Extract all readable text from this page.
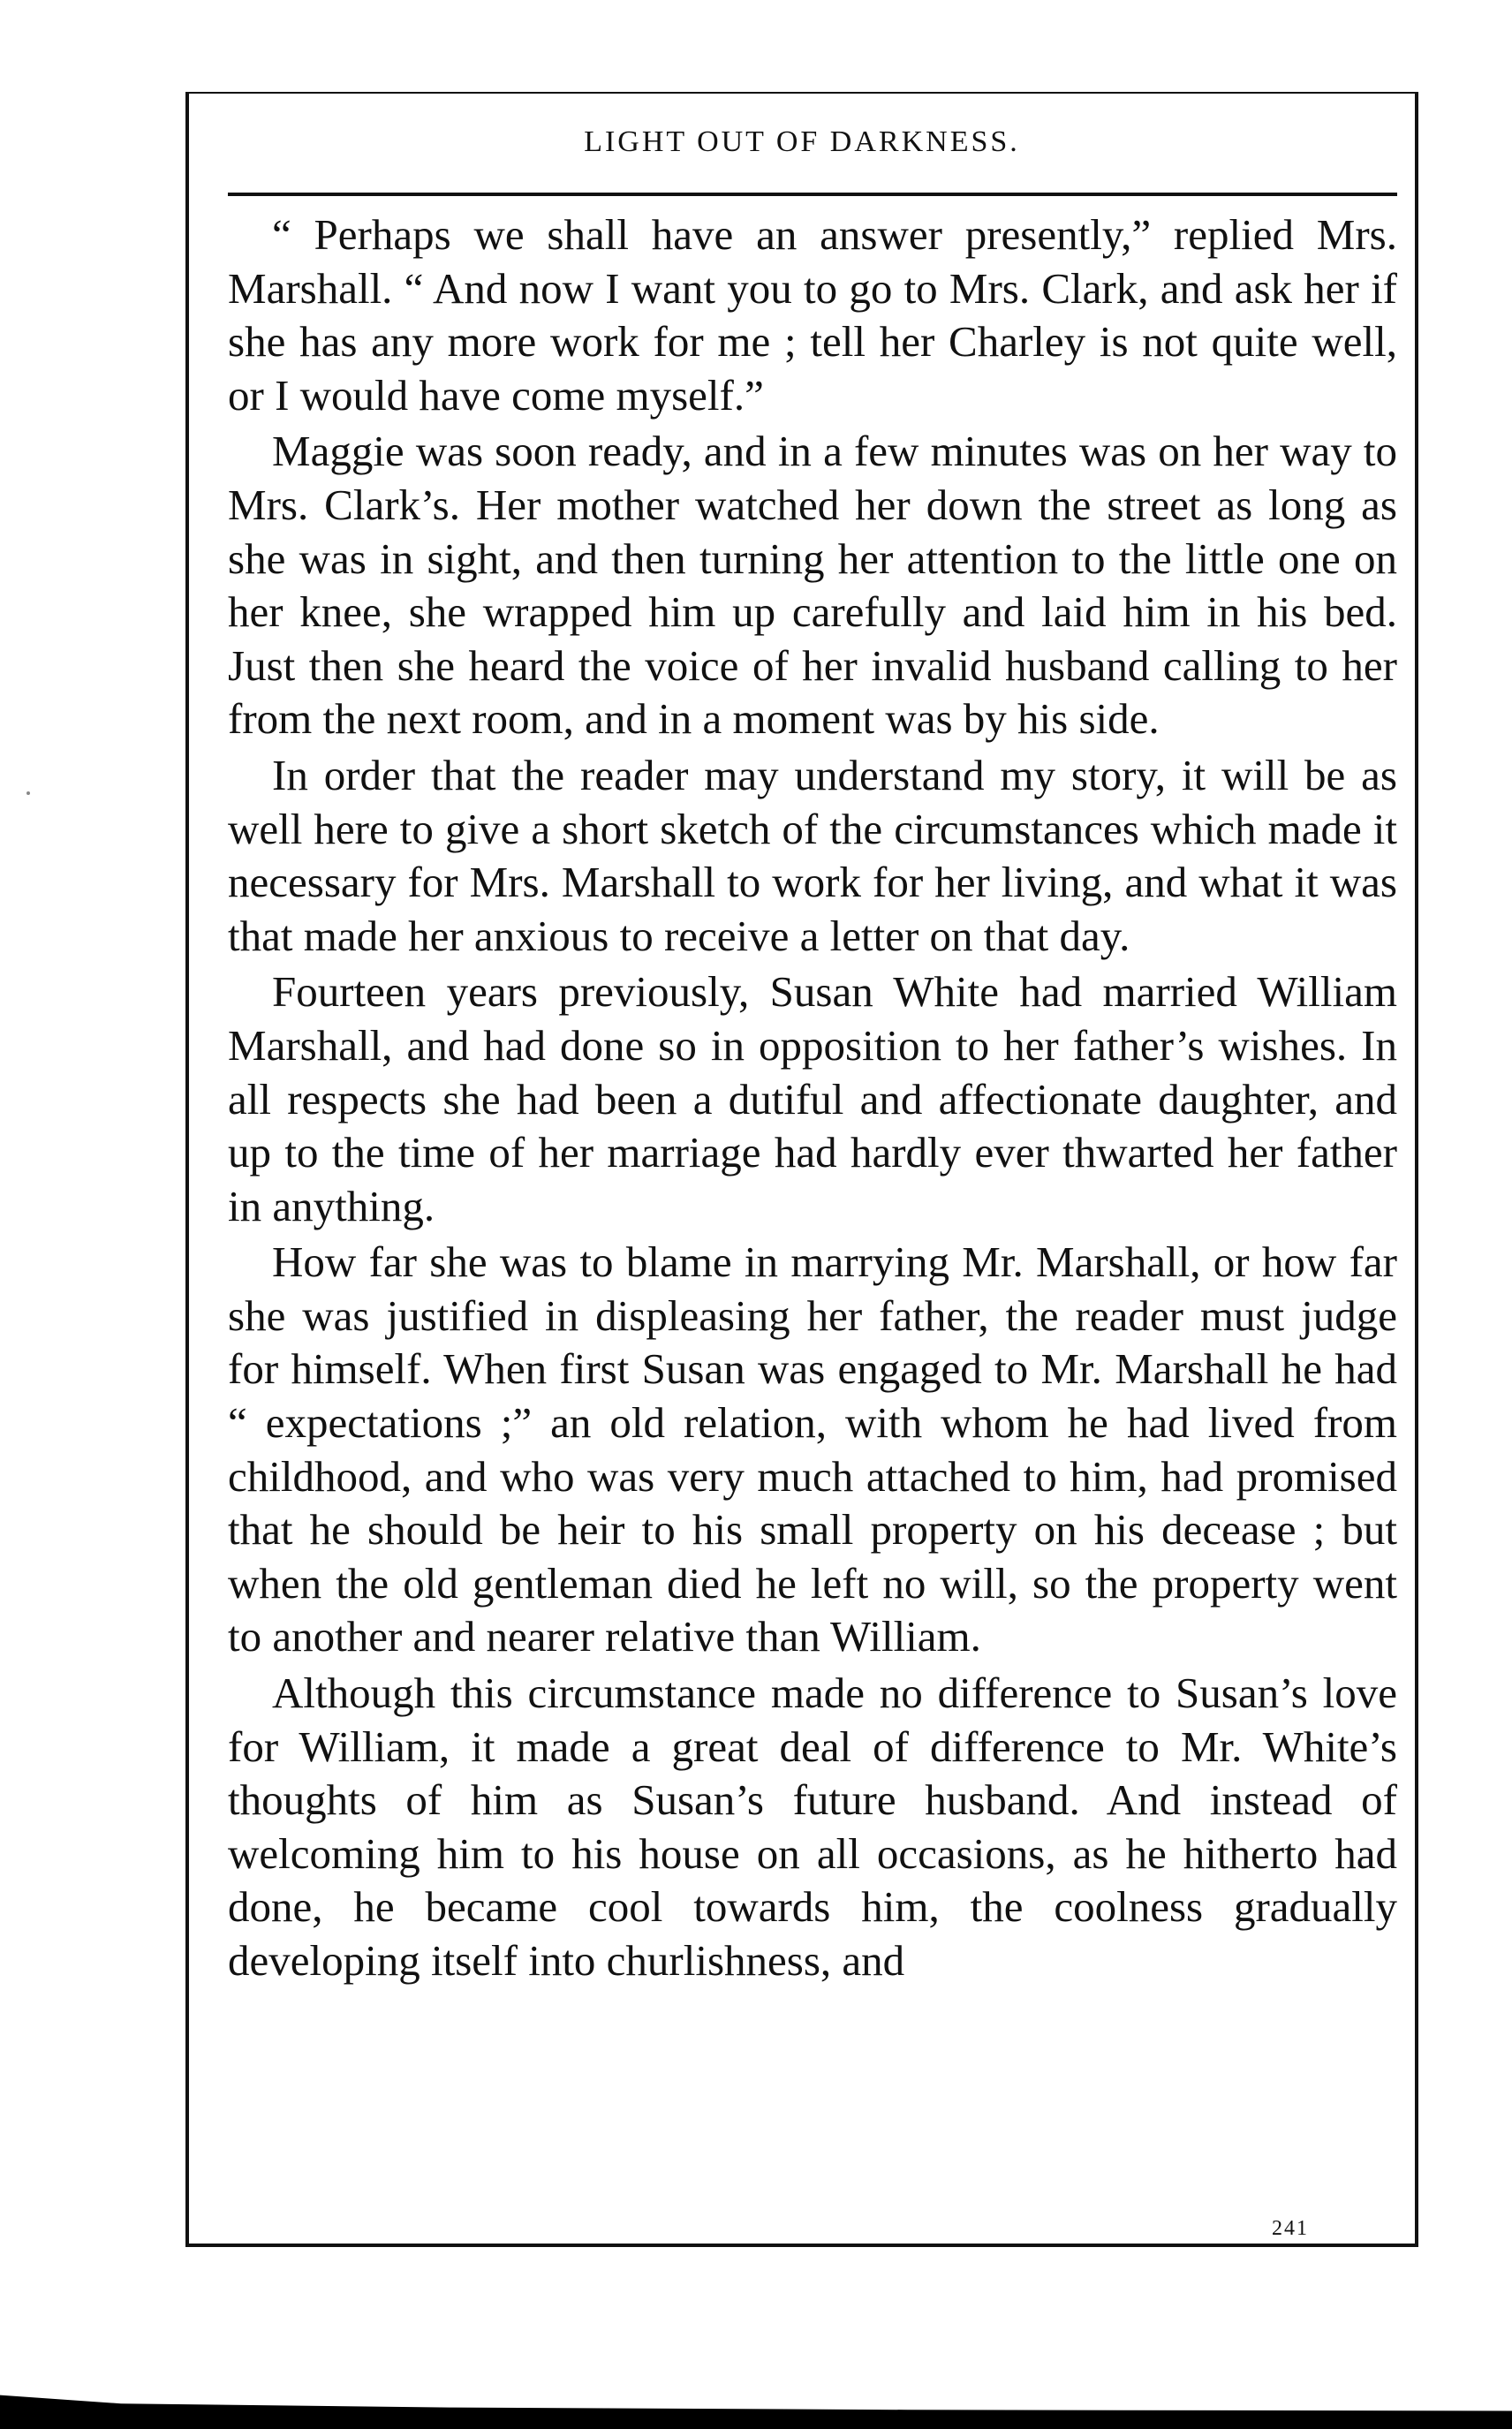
LIGHT OUT OF DARKNESS.

“ Perhaps we shall have an answer presently,” replied Mrs. Marshall. “ And now I want you to go to Mrs. Clark, and ask her if she has any more work for me ; tell her Charley is not quite well, or I would have come myself.”

Maggie was soon ready, and in a few minutes was on her way to Mrs. Clark’s. Her mother watched her down the street as long as she was in sight, and then turning her attention to the little one on her knee, she wrapped him up carefully and laid him in his bed. Just then she heard the voice of her invalid husband calling to her from the next room, and in a moment was by his side.

In order that the reader may understand my story, it will be as well here to give a short sketch of the circumstances which made it necessary for Mrs. Marshall to work for her living, and what it was that made her anxious to receive a letter on that day.

Fourteen years previously, Susan White had married William Marshall, and had done so in opposition to her father’s wishes. In all respects she had been a dutiful and affectionate daughter, and up to the time of her marriage had hardly ever thwarted her father in anything.

How far she was to blame in marrying Mr. Marshall, or how far she was justified in displeasing her father, the reader must judge for himself. When first Susan was engaged to Mr. Marshall he had “ expectations ;” an old relation, with whom he had lived from childhood, and who was very much attached to him, had promised that he should be heir to his small property on his decease ; but when the old gentleman died he left no will, so the property went to another and nearer relative than William.

Although this circumstance made no difference to Susan’s love for William, it made a great deal of difference to Mr. White’s thoughts of him as Susan’s future husband. And instead of welcoming him to his house on all occasions, as he hitherto had done, he became cool towards him, the coolness gradually developing itself into churlishness, and

241
